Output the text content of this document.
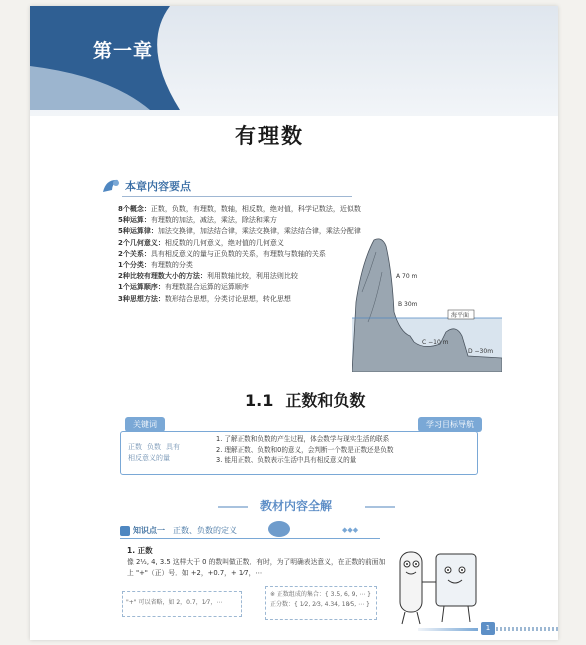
第一章
有理数
本章内容要点
8个概念： 正数，负数，有理数，数轴，相反数，绝对值，科学记数法，近似数
5种运算： 有理数的加法，减法，乘法，除法和乘方
5种运算律： 加法交换律，加法结合律，乘法交换律，乘法结合律，乘法分配律
2个几何意义： 相反数的几何意义，绝对值的几何意义
2个关系： 具有相反意义的量与正负数的关系，有理数与数轴的关系
1个分类： 有理数的分类
2种比较有理数大小的方法： 利用数轴比较，利用法则比较
1个运算顺序： 有理数混合运算的运算顺序
3种思想方法： 数形结合思想，分类讨论思想，转化思想
A 70 m
B 30m
C −10 m
D −30m
海平面
1.1 正数和负数
关键词	学习目标导航
正数 负数 具有
相反意义的量
1. 了解正数和负数的产生过程，体会数学与现实生活的联系
2. 理解正数、负数和0的意义，会判断一个数是正数还是负数
3. 能用正数、负数表示生活中具有相反意义的量
教材内容全解
知识点一 正数、负数的定义	◆◆◆
1. 正数
像 2¹⁄₂, 4, 3.5 这样大于 0 的数叫做正数．有时，为了明确表达意义，在正数的前面加上 "+"（正）号．如 +2，+0.7，+ 1⁄7，⋯
"+" 可以省略，如 2，0.7，1⁄7，⋯
※ 正数组成的集合：{ 3.5, 6, 9, ⋯ } 正分数：{ 1⁄2, 2⁄3, 4.34, 18⁄5, ⋯ }
1
